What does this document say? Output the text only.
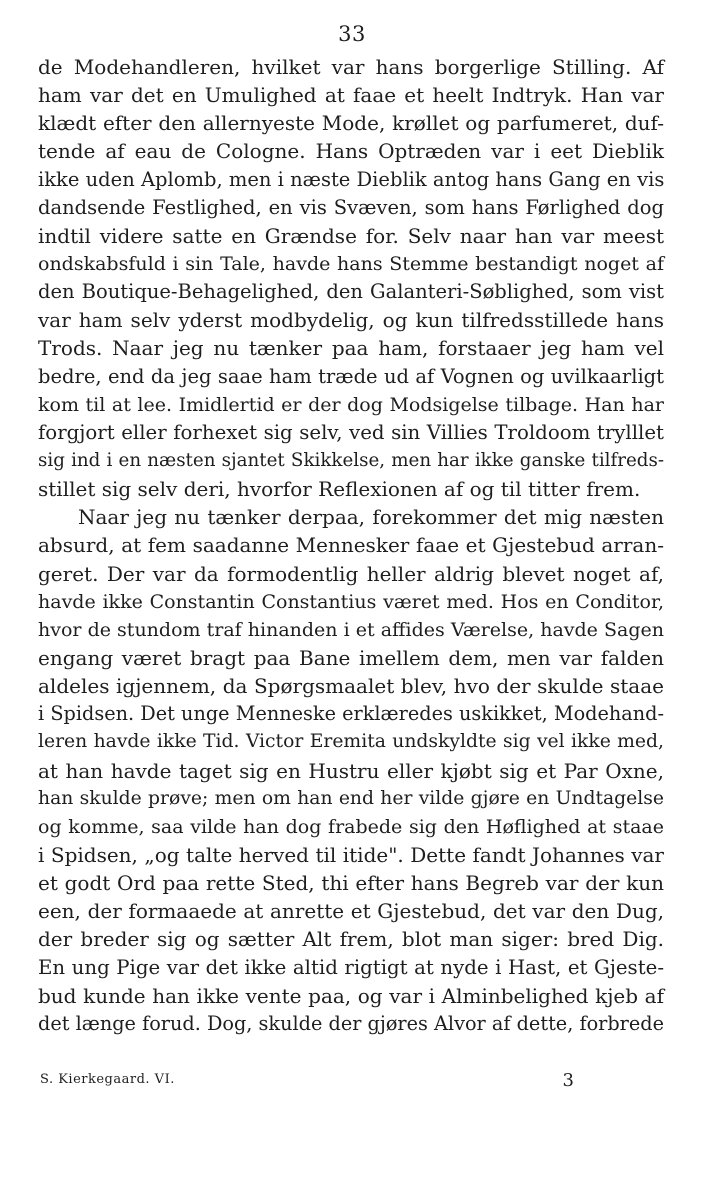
33
de Modehandleren, hvilket var hans borgerlige Stilling. Af
ham var det en Umulighed at faae et heelt Indtryk. Han var
klædt efter den allernyeste Mode, krøllet og parfumeret, duf-
tende af eau de Cologne. Hans Optræden var i eet Dieblik
ikke uden Aplomb, men i næste Dieblik antog hans Gang en vis
dandsende Festlighed, en vis Svæven, som hans Førlighed dog
indtil videre satte en Grændse for. Selv naar han var meest
ondskabsfuld i sin Tale, havde hans Stemme bestandigt noget af
den Boutique-Behagelighed, den Galanteri-Søblighed, som vist
var ham selv yderst modbydelig, og kun tilfredsstillede hans
Trods. Naar jeg nu tænker paa ham, forstaaer jeg ham vel
bedre, end da jeg saae ham træde ud af Vognen og uvilkaarligt
kom til at lee. Imidlertid er der dog Modsigelse tilbage. Han har
forgjort eller forhexet sig selv, ved sin Villies Troldoom trylllet
sig ind i en næsten sjantet Skikkelse, men har ikke ganske tilfreds-
stillet sig selv deri, hvorfor Reflexionen af og til titter frem.
Naar jeg nu tænker derpaa, forekommer det mig næsten
absurd, at fem saadanne Mennesker faae et Gjestebud arran-
geret. Der var da formodentlig heller aldrig blevet noget af,
havde ikke Constantin Constantius været med. Hos en Conditor,
hvor de stundom traf hinanden i et affides Værelse, havde Sagen
engang været bragt paa Bane imellem dem, men var falden
aldeles igjennem, da Spørgsmaalet blev, hvo der skulde staae
i Spidsen. Det unge Menneske erklæredes uskikket, Modehand-
leren havde ikke Tid. Victor Eremita undskyldte sig vel ikke med,
at han havde taget sig en Hustru eller kjøbt sig et Par Oxne,
han skulde prøve; men om han end her vilde gjøre en Undtagelse
og komme, saa vilde han dog frabede sig den Høflighed at staae
i Spidsen, „og talte herved til itide". Dette fandt Johannes var
et godt Ord paa rette Sted, thi efter hans Begreb var der kun
een, der formaaede at anrette et Gjestebud, det var den Dug,
der breder sig og sætter Alt frem, blot man siger: bred Dig.
En ung Pige var det ikke altid rigtigt at nyde i Hast, et Gjeste-
bud kunde han ikke vente paa, og var i Alminbelighed kjeb af
det længe forud. Dog, skulde der gjøres Alvor af dette, forbrede
S. Kierkegaard. VI.	3
